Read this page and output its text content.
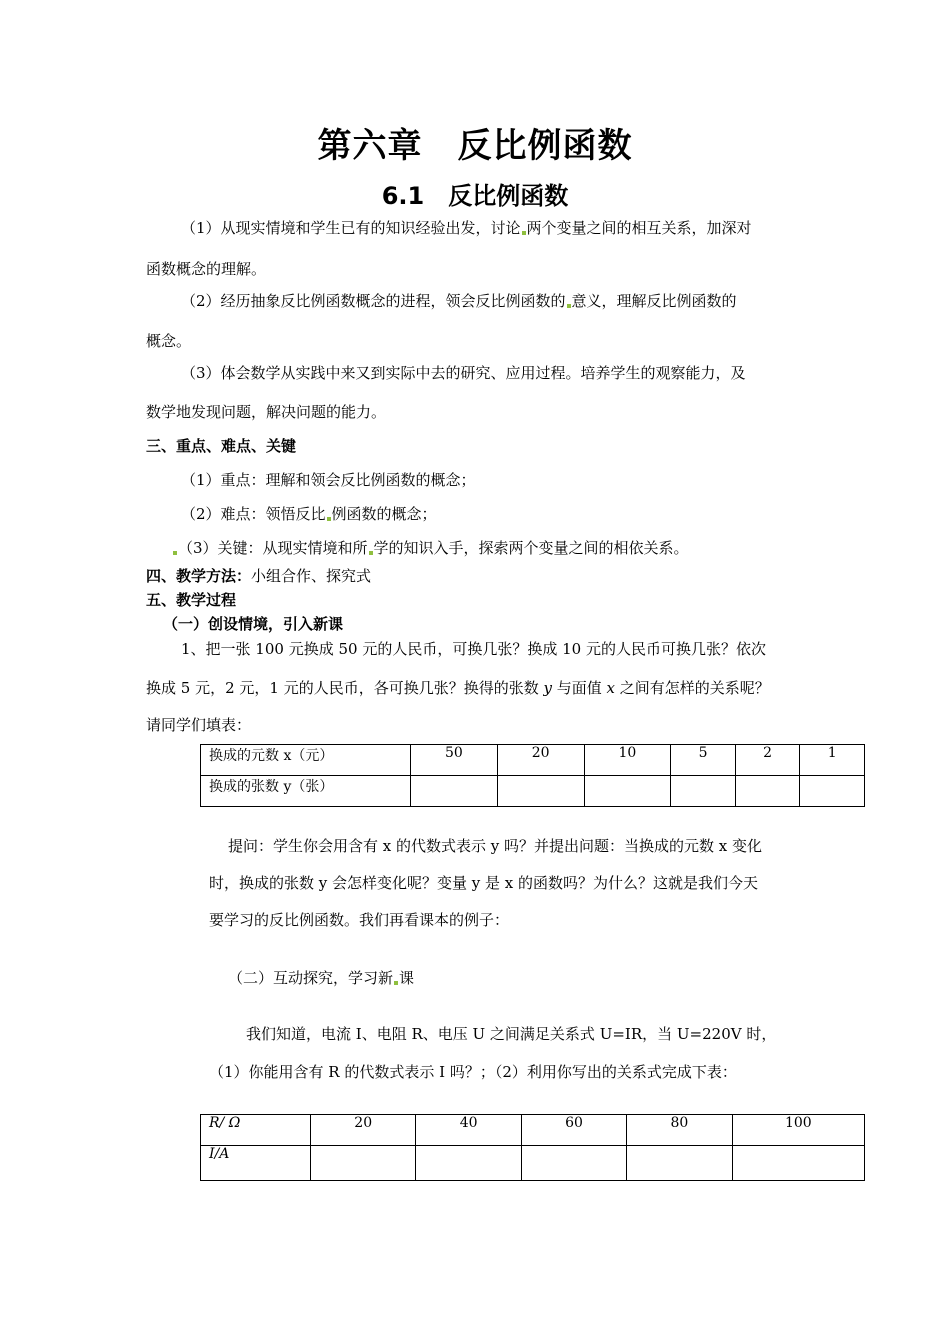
第六章　反比例函数
6.1　反比例函数
（1）从现实情境和学生已有的知识经验出发，讨论 两个变量之间的相互关系，加深对
函数概念的理解。
（2）经历抽象反比例函数概念的进程，领会反比例函数的 意义，理解反比例函数的
概念。
（3）体会数学从实践中来又到实际中去的研究、应用过程。培养学生的观察能力，及
数学地发现问题，解决问题的能力。
三、重点、难点、关键
（1）重点：理解和领会反比例函数的概念；
（2）难点：领悟反比 例函数的概念；
（3）关键：从现实情境和所 学的知识入手，探索两个变量之间的相依关系。
四、教学方法：小组合作、探究式
五、教学过程
（一）创设情境，引入新课
1、把一张 100 元换成 50 元的人民币，可换几张？换成 10 元的人民币可换几张？依次
换成 5 元，2 元，1 元的人民币，各可换几张？换得的张数 y 与面值 x 之间有怎样的关系呢？
请同学们填表：
换成的元数 x（元）	50	20	10	5	2	1
换成的张数 y（张）						
提问：学生你会用含有 x 的代数式表示 y 吗？并提出问题：当换成的元数 x 变化
时，换成的张数 y 会怎样变化呢？变量 y 是 x 的函数吗？为什么？这就是我们今天
要学习的反比例函数。我们再看课本的例子：
（二）互动探究，学习新 课
我们知道，电流 I、电阻 R、电压 U 之间满足关系式 U=IR，当 U=220V 时，
（1）你能用含有 R 的代数式表示 I 吗？；（2）利用你写出的关系式完成下表：
R/ Ω	20	40	60	80	100
I/A					
